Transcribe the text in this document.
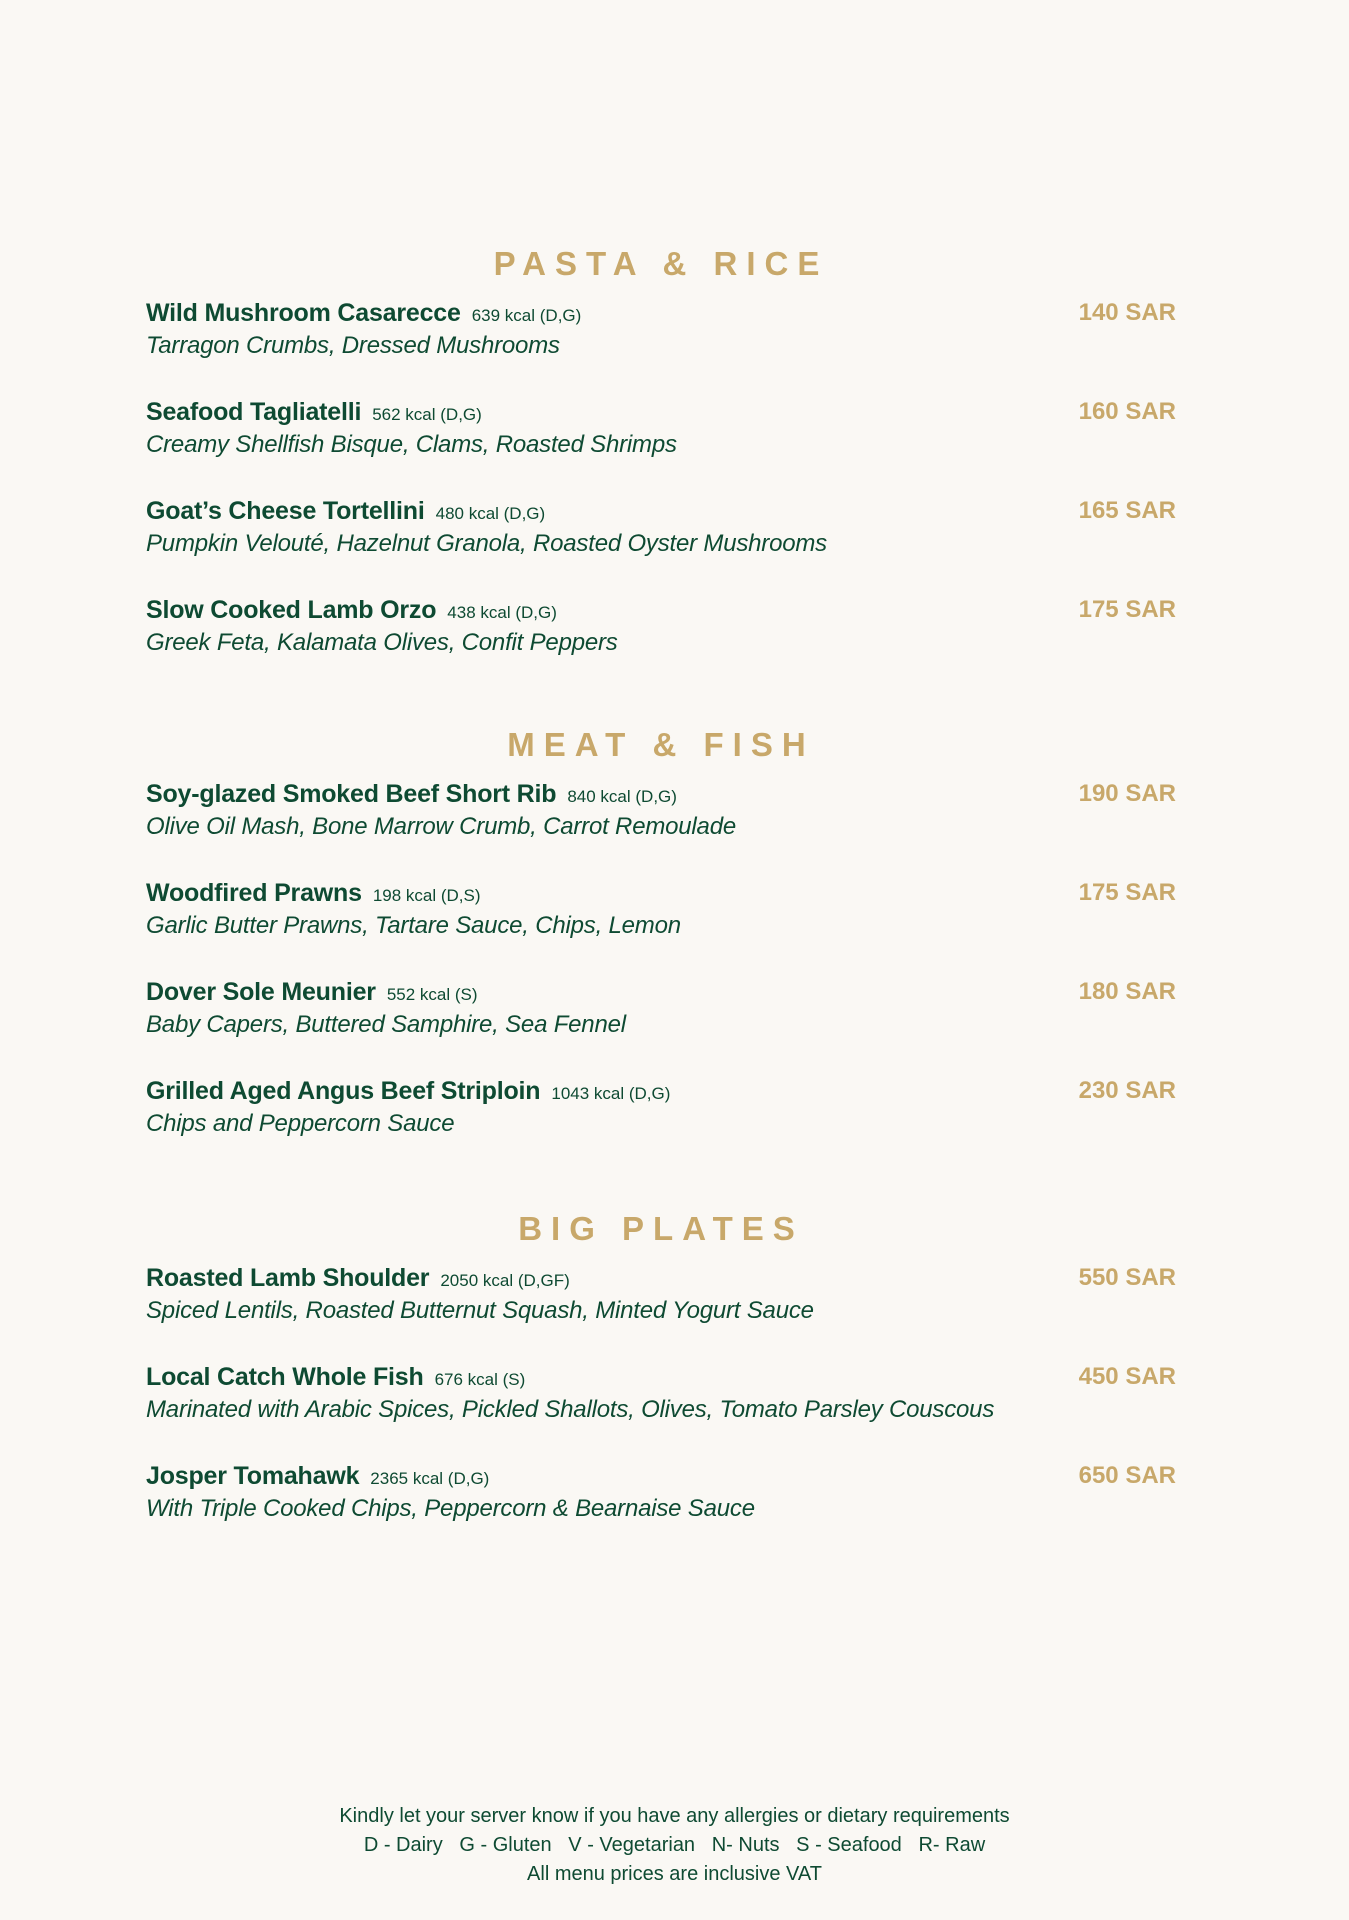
PASTA & RICE
Wild Mushroom Casarecce 639 kcal (D,G)
Tarragon Crumbs, Dressed Mushrooms
140 SAR
Seafood Tagliatelli 562 kcal (D,G)
Creamy Shellfish Bisque, Clams, Roasted Shrimps
160 SAR
Goat’s Cheese Tortellini 480 kcal (D,G)
Pumpkin Velouté, Hazelnut Granola, Roasted Oyster Mushrooms
165 SAR
Slow Cooked Lamb Orzo 438 kcal (D,G)
Greek Feta, Kalamata Olives, Confit Peppers
175 SAR
MEAT & FISH
Soy-glazed Smoked Beef Short Rib 840 kcal (D,G)
Olive Oil Mash, Bone Marrow Crumb, Carrot Remoulade
190 SAR
Woodfired Prawns 198 kcal (D,S)
Garlic Butter Prawns, Tartare Sauce, Chips, Lemon
175 SAR
Dover Sole Meunier 552 kcal (S)
Baby Capers, Buttered Samphire, Sea Fennel
180 SAR
Grilled Aged Angus Beef Striploin 1043 kcal (D,G)
Chips and Peppercorn Sauce
230 SAR
BIG PLATES
Roasted Lamb Shoulder 2050 kcal (D,GF)
Spiced Lentils, Roasted Butternut Squash, Minted Yogurt Sauce
550 SAR
Local Catch Whole Fish 676 kcal (S)
Marinated with Arabic Spices, Pickled Shallots, Olives, Tomato Parsley Couscous
450 SAR
Josper Tomahawk 2365 kcal (D,G)
With Triple Cooked Chips, Peppercorn & Bearnaise Sauce
650 SAR
Kindly let your server know if you have any allergies or dietary requirements
D - Dairy   G - Gluten   V - Vegetarian   N- Nuts   S - Seafood   R- Raw
All menu prices are inclusive VAT
